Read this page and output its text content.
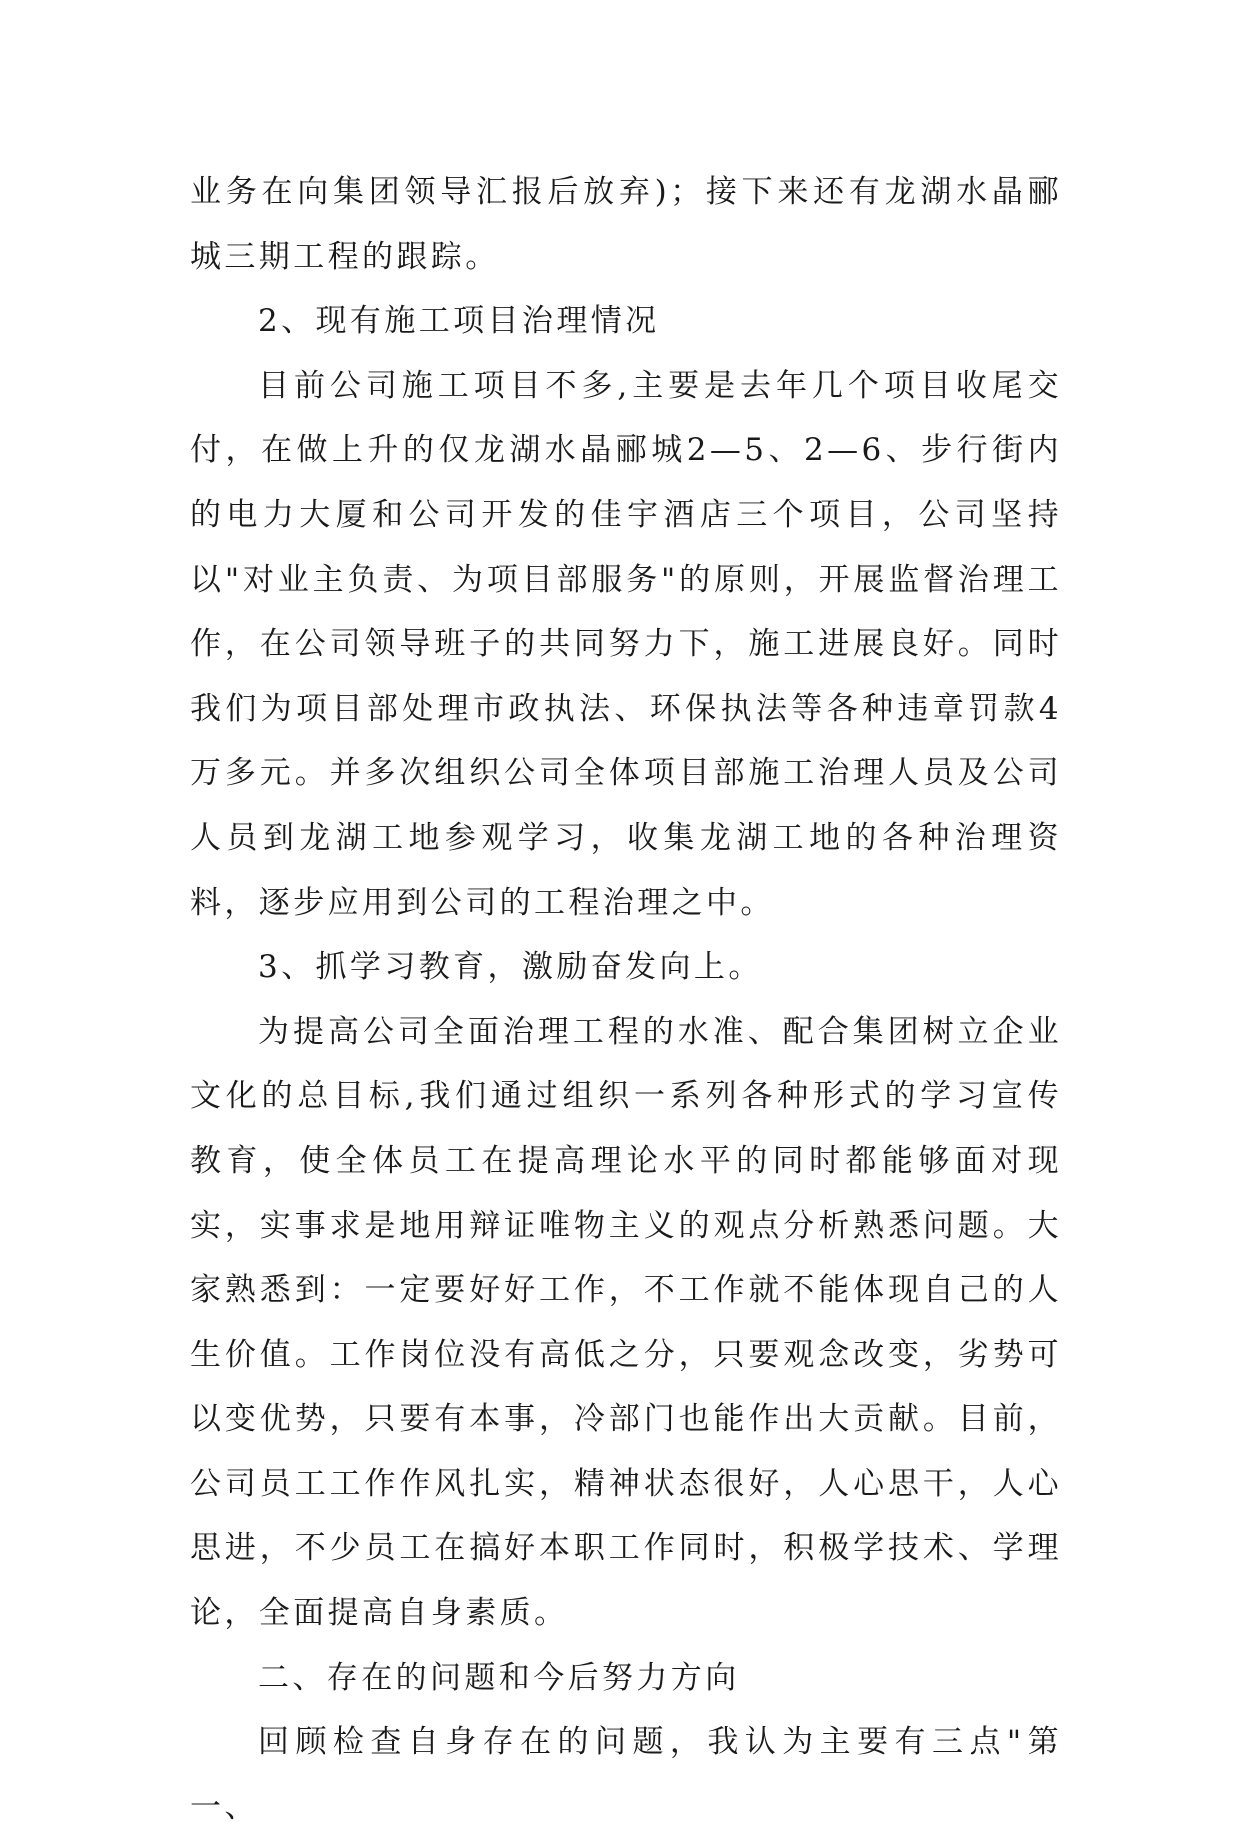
业务在向集团领导汇报后放弃)；接下来还有龙湖水晶郦城三期工程的跟踪。

2、现有施工项目治理情况

目前公司施工项目不多,主要是去年几个项目收尾交付，在做上升的仅龙湖水晶郦城2—5、2—6、步行街内的电力大厦和公司开发的佳宇酒店三个项目，公司坚持以"对业主负责、为项目部服务"的原则，开展监督治理工作，在公司领导班子的共同努力下，施工进展良好。同时我们为项目部处理市政执法、环保执法等各种违章罚款4万多元。并多次组织公司全体项目部施工治理人员及公司人员到龙湖工地参观学习，收集龙湖工地的各种治理资料，逐步应用到公司的工程治理之中。

3、抓学习教育，激励奋发向上。

为提高公司全面治理工程的水准、配合集团树立企业文化的总目标,我们通过组织一系列各种形式的学习宣传教育，使全体员工在提高理论水平的同时都能够面对现实，实事求是地用辩证唯物主义的观点分析熟悉问题。大家熟悉到：一定要好好工作，不工作就不能体现自己的人生价值。工作岗位没有高低之分，只要观念改变，劣势可以变优势，只要有本事，冷部门也能作出大贡献。目前，公司员工工作作风扎实，精神状态很好，人心思干，人心思进，不少员工在搞好本职工作同时，积极学技术、学理论，全面提高自身素质。

二、存在的问题和今后努力方向

回顾检查自身存在的问题，我认为主要有三点"第一、
